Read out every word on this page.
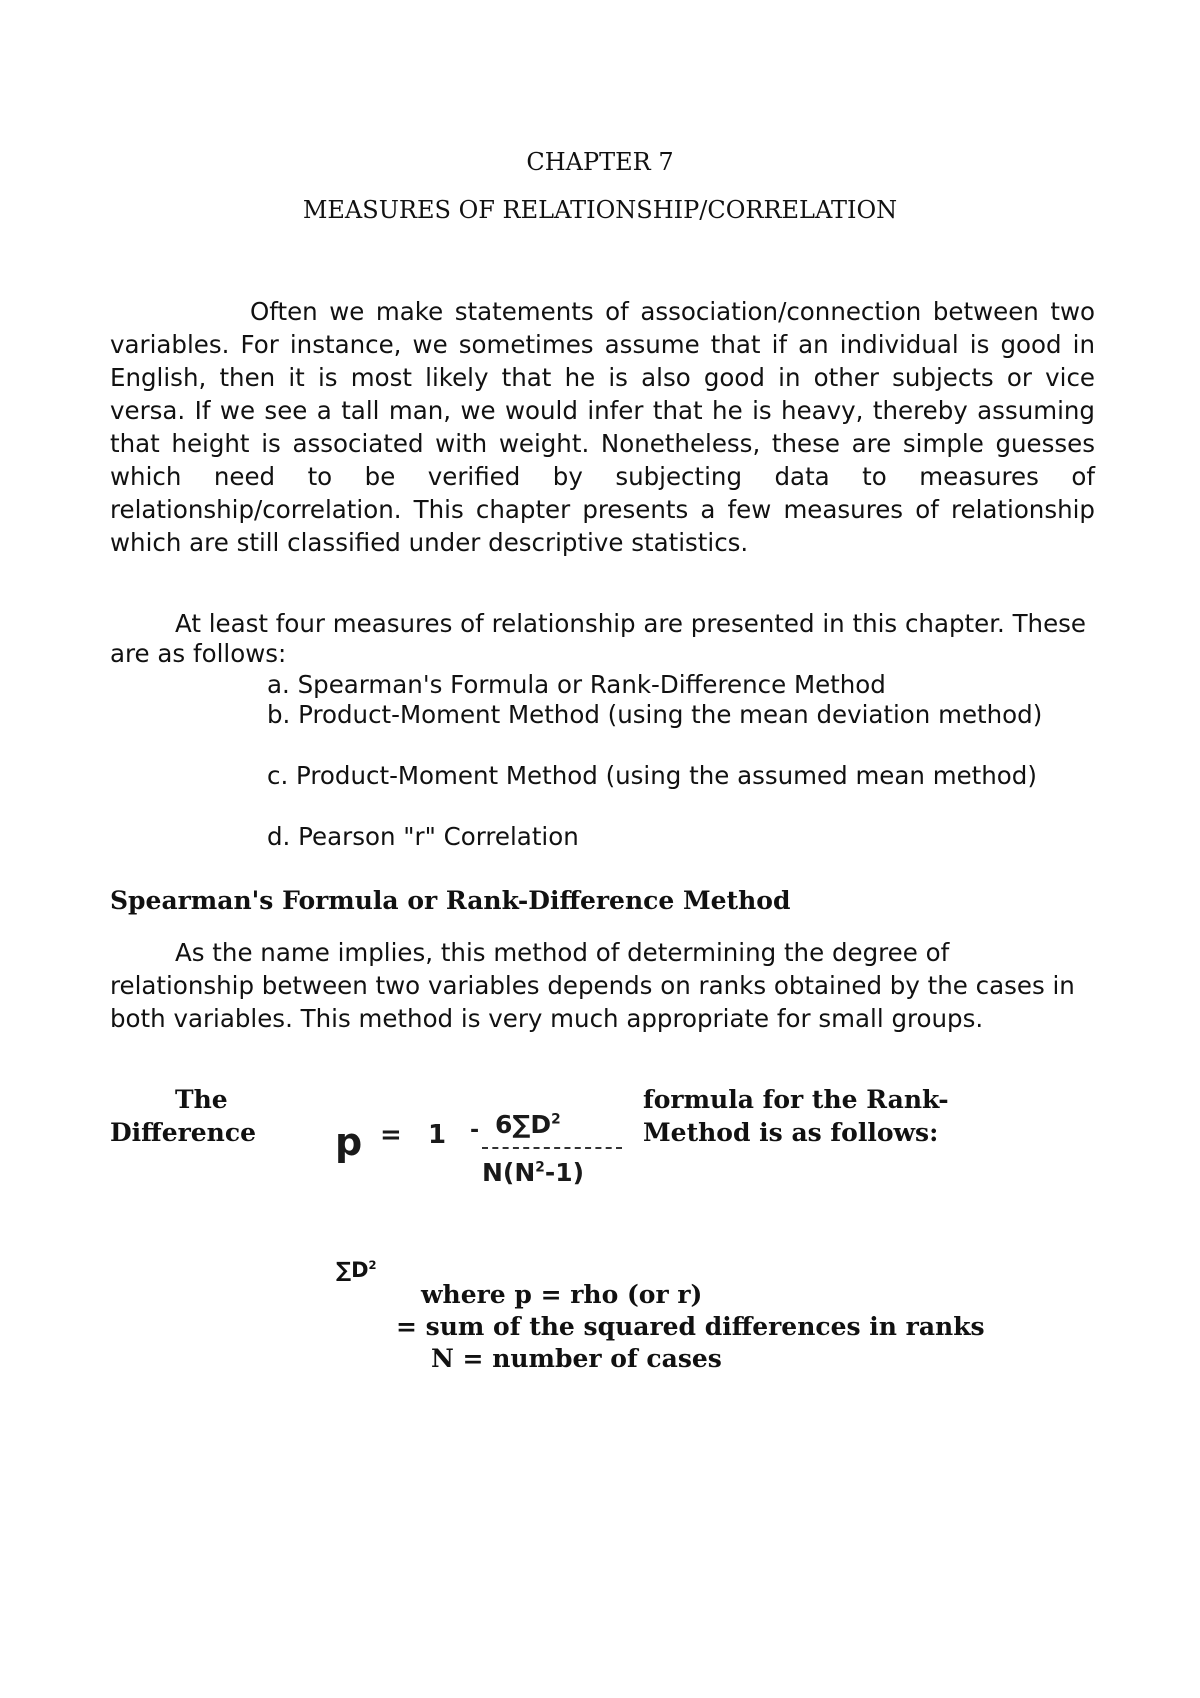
CHAPTER 7
MEASURES OF RELATIONSHIP/CORRELATION

Often we make statements of association/connection between two variables. For instance, we sometimes assume that if an individual is good in English, then it is most likely that he is also good in other subjects or vice versa. If we see a tall man, we would infer that he is heavy, thereby assuming that height is associated with weight. Nonetheless, these are simple guesses which need to be verified by subjecting data to measures of relationship/correlation. This chapter presents a few measures of relationship which are still classified under descriptive statistics.

At least four measures of relationship are presented in this chapter. These are as follows:

a. Spearman's Formula or Rank-Difference Method

b. Product-Moment Method (using the mean deviation method)

c. Product-Moment Method (using the assumed mean method)

d. Pearson "r" Correlation

Spearman's Formula or Rank-Difference Method

As the name implies, this method of determining the degree of relationship between two variables depends on ranks obtained by the cases in both variables. This method is very much appropriate for small groups.

The
Difference
formula for the Rank-
Method is as follows:
$p = 1 - 6\sum D^2$
$N(N^2-1)$
$\sum D^2$
where p = rho (or r)
= sum of the squared differences in ranks
N = number of cases
